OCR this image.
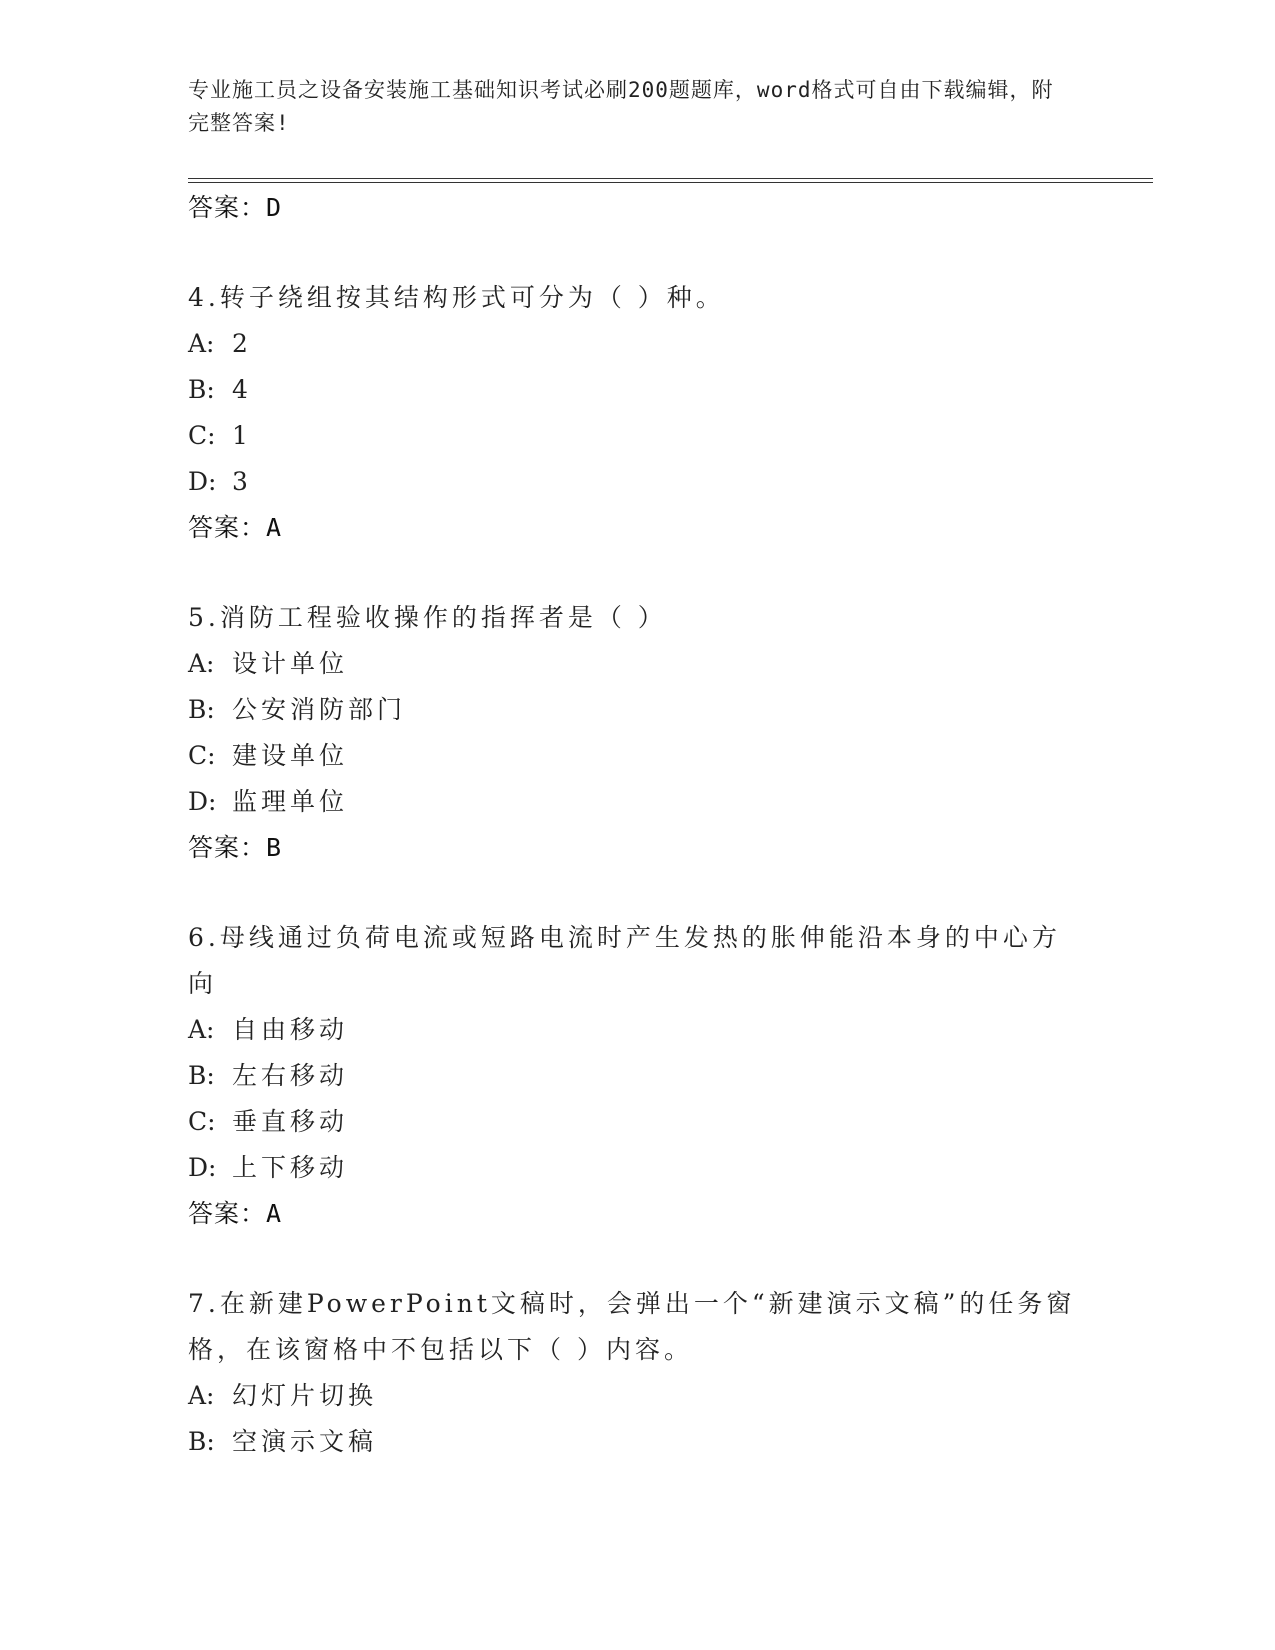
专业施工员之设备安装施工基础知识考试必刷200题题库，word格式可自由下载编辑，附完整答案!
答案：D
4.转子绕组按其结构形式可分为（ ）种。
A: 2
B: 4
C: 1
D: 3
答案：A
5.消防工程验收操作的指挥者是（ ）
A: 设计单位
B: 公安消防部门
C: 建设单位
D: 监理单位
答案：B
6.母线通过负荷电流或短路电流时产生发热的胀伸能沿本身的中心方向
A: 自由移动
B: 左右移动
C: 垂直移动
D: 上下移动
答案：A
7.在新建PowerPoint文稿时，会弹出一个“新建演示文稿”的任务窗格，在该窗格中不包括以下（ ）内容。
A: 幻灯片切换
B: 空演示文稿
